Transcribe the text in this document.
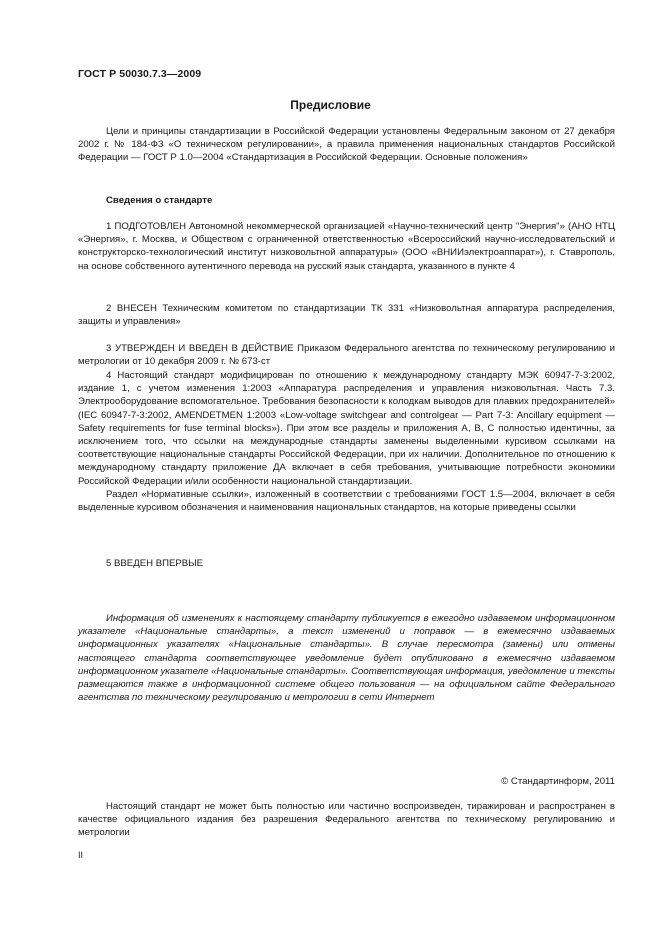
ГОСТ Р 50030.7.3—2009
Предисловие

Цели и принципы стандартизации в Российской Федерации установлены Федеральным законом от 27 декабря 2002 г. № 184-ФЗ «О техническом регулировании», а правила применения национальных стандартов Российской Федерации — ГОСТ Р 1.0—2004 «Стандартизация в Российской Федерации. Основные положения»

Сведения о стандарте

1 ПОДГОТОВЛЕН Автономной некоммерческой организацией «Научно-технический центр "Энергия"» (АНО НТЦ «Энергия», г. Москва, и Обществом с ограниченной ответственностью «Всероссийский научно-исследовательский и конструкторско-технологический институт низковольтной аппаратуры» (ООО «ВНИИэлектроаппарат»), г. Ставрополь, на основе собственного аутентичного перевода на русский язык стандарта, указанного в пункте 4

2 ВНЕСЕН Техническим комитетом по стандартизации ТК 331 «Низковольтная аппаратура распределения, защиты и управления»

3 УТВЕРЖДЕН И ВВЕДЕН В ДЕЙСТВИЕ Приказом Федерального агентства по техническому регулированию и метрологии от 10 декабря 2009 г. № 673-ст

4 Настоящий стандарт модифицирован по отношению к международному стандарту МЭК 60947-7-3:2002, издание 1, с учетом изменения 1:2003 «Аппаратура распределения и управления низковольтная. Часть 7.3. Электрооборудование вспомогательное. Требования безопасности к колодкам выводов для плавких предохранителей» (IEC 60947-7-3:2002, AMENDETMEN 1:2003 «Low-voltage switchgear and controlgear — Part 7-3: Ancillary equipment — Safety requirements for fuse terminal blocks»). При этом все разделы и приложения А, В, С полностью идентичны, за исключением того, что ссылки на международные стандарты заменены выделенными курсивом ссылками на соответствующие национальные стандарты Российской Федерации, при их наличии. Дополнительное по отношению к международному стандарту приложение ДА включает в себя требования, учитывающие потребности экономики Российской Федерации и/или особенности национальной стандартизации.

Раздел «Нормативные ссылки», изложенный в соответствии с требованиями ГОСТ 1.5—2004, включает в себя выделенные курсивом обозначения и наименования национальных стандартов, на которые приведены ссылки

5 ВВЕДЕН ВПЕРВЫЕ

Информация об изменениях к настоящему стандарту публикуется в ежегодно издаваемом информационном указателе «Национальные стандарты», а текст изменений и поправок — в ежемесячно издаваемых информационных указателях «Национальные стандарты». В случае пересмотра (замены) или отмены настоящего стандарта соответствующее уведомление будет опубликовано в ежемесячно издаваемом информационном указателе «Национальные стандарты». Соответствующая информация, уведомление и тексты размещаются также в информационной системе общего пользования — на официальном сайте Федерального агентства по техническому регулированию и метрологии в сети Интернет

© Стандартинформ, 2011

Настоящий стандарт не может быть полностью или частично воспроизведен, тиражирован и распространен в качестве официального издания без разрешения Федерального агентства по техническому регулированию и метрологии

II
